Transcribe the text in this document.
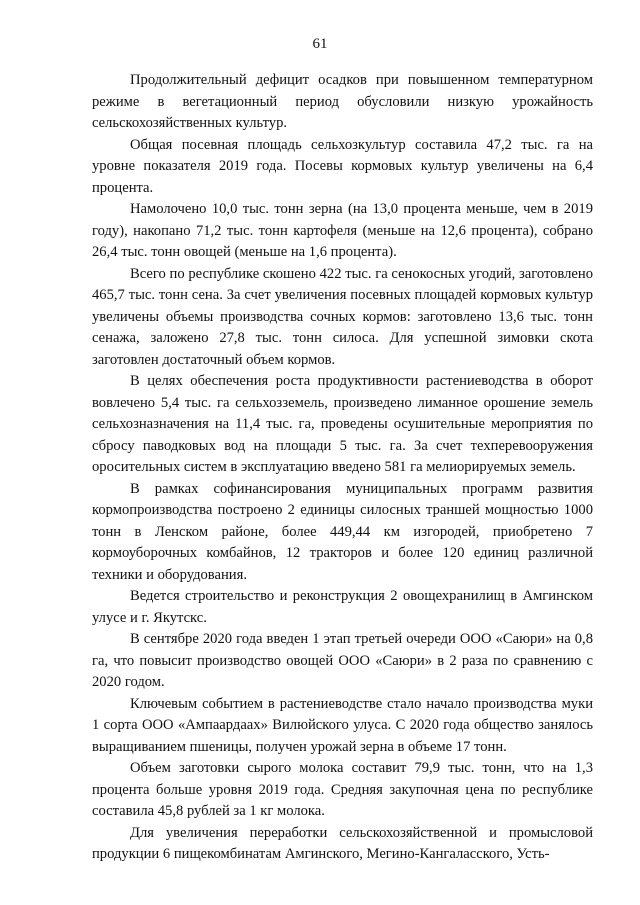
61

Продолжительный дефицит осадков при повышенном температурном режиме в вегетационный период обусловили низкую урожайность сельскохозяйственных культур.

Общая посевная площадь сельхозкультур составила 47,2 тыс. га на уровне показателя 2019 года. Посевы кормовых культур увеличены на 6,4 процента.

Намолочено 10,0 тыс. тонн зерна (на 13,0 процента меньше, чем в 2019 году), накопано 71,2 тыс. тонн картофеля (меньше на 12,6 процента), собрано 26,4 тыс. тонн овощей (меньше на 1,6 процента).

Всего по республике скошено 422 тыс. га сенокосных угодий, заготовлено 465,7 тыс. тонн сена. За счет увеличения посевных площадей кормовых культур увеличены объемы производства сочных кормов: заготовлено 13,6 тыс. тонн сенажа, заложено 27,8 тыс. тонн силоса. Для успешной зимовки скота заготовлен достаточный объем кормов.

В целях обеспечения роста продуктивности растениеводства в оборот вовлечено 5,4 тыс. га сельхозземель, произведено лиманное орошение земель сельхозназначения на 11,4 тыс. га, проведены осушительные мероприятия по сбросу паводковых вод на площади 5 тыс. га. За счет техперевооружения оросительных систем в эксплуатацию введено 581 га мелиорируемых земель.

В рамках софинансирования муниципальных программ развития кормопроизводства построено 2 единицы силосных траншей мощностью 1000 тонн в Ленском районе, более 449,44 км изгородей, приобретено 7 кормоуборочных комбайнов, 12 тракторов и более 120 единиц различной техники и оборудования.

Ведется строительство и реконструкция 2 овощехранилищ в Амгинском улусе и г. Якутскс.

В сентябре 2020 года введен 1 этап третьей очереди ООО «Саюри» на 0,8 га, что повысит производство овощей ООО «Саюри» в 2 раза по сравнению с 2020 годом.

Ключевым событием в растениеводстве стало начало производства муки 1 сорта ООО «Ампаардаах» Вилюйского улуса. С 2020 года общество занялось выращиванием пшеницы, получен урожай зерна в объеме 17 тонн.

Объем заготовки сырого молока составит 79,9 тыс. тонн, что на 1,3 процента больше уровня 2019 года. Средняя закупочная цена по республике составила 45,8 рублей за 1 кг молока.

Для увеличения переработки сельскохозяйственной и промысловой продукции 6 пищекомбинатам Амгинского, Мегино-Кангаласского, Усть-
